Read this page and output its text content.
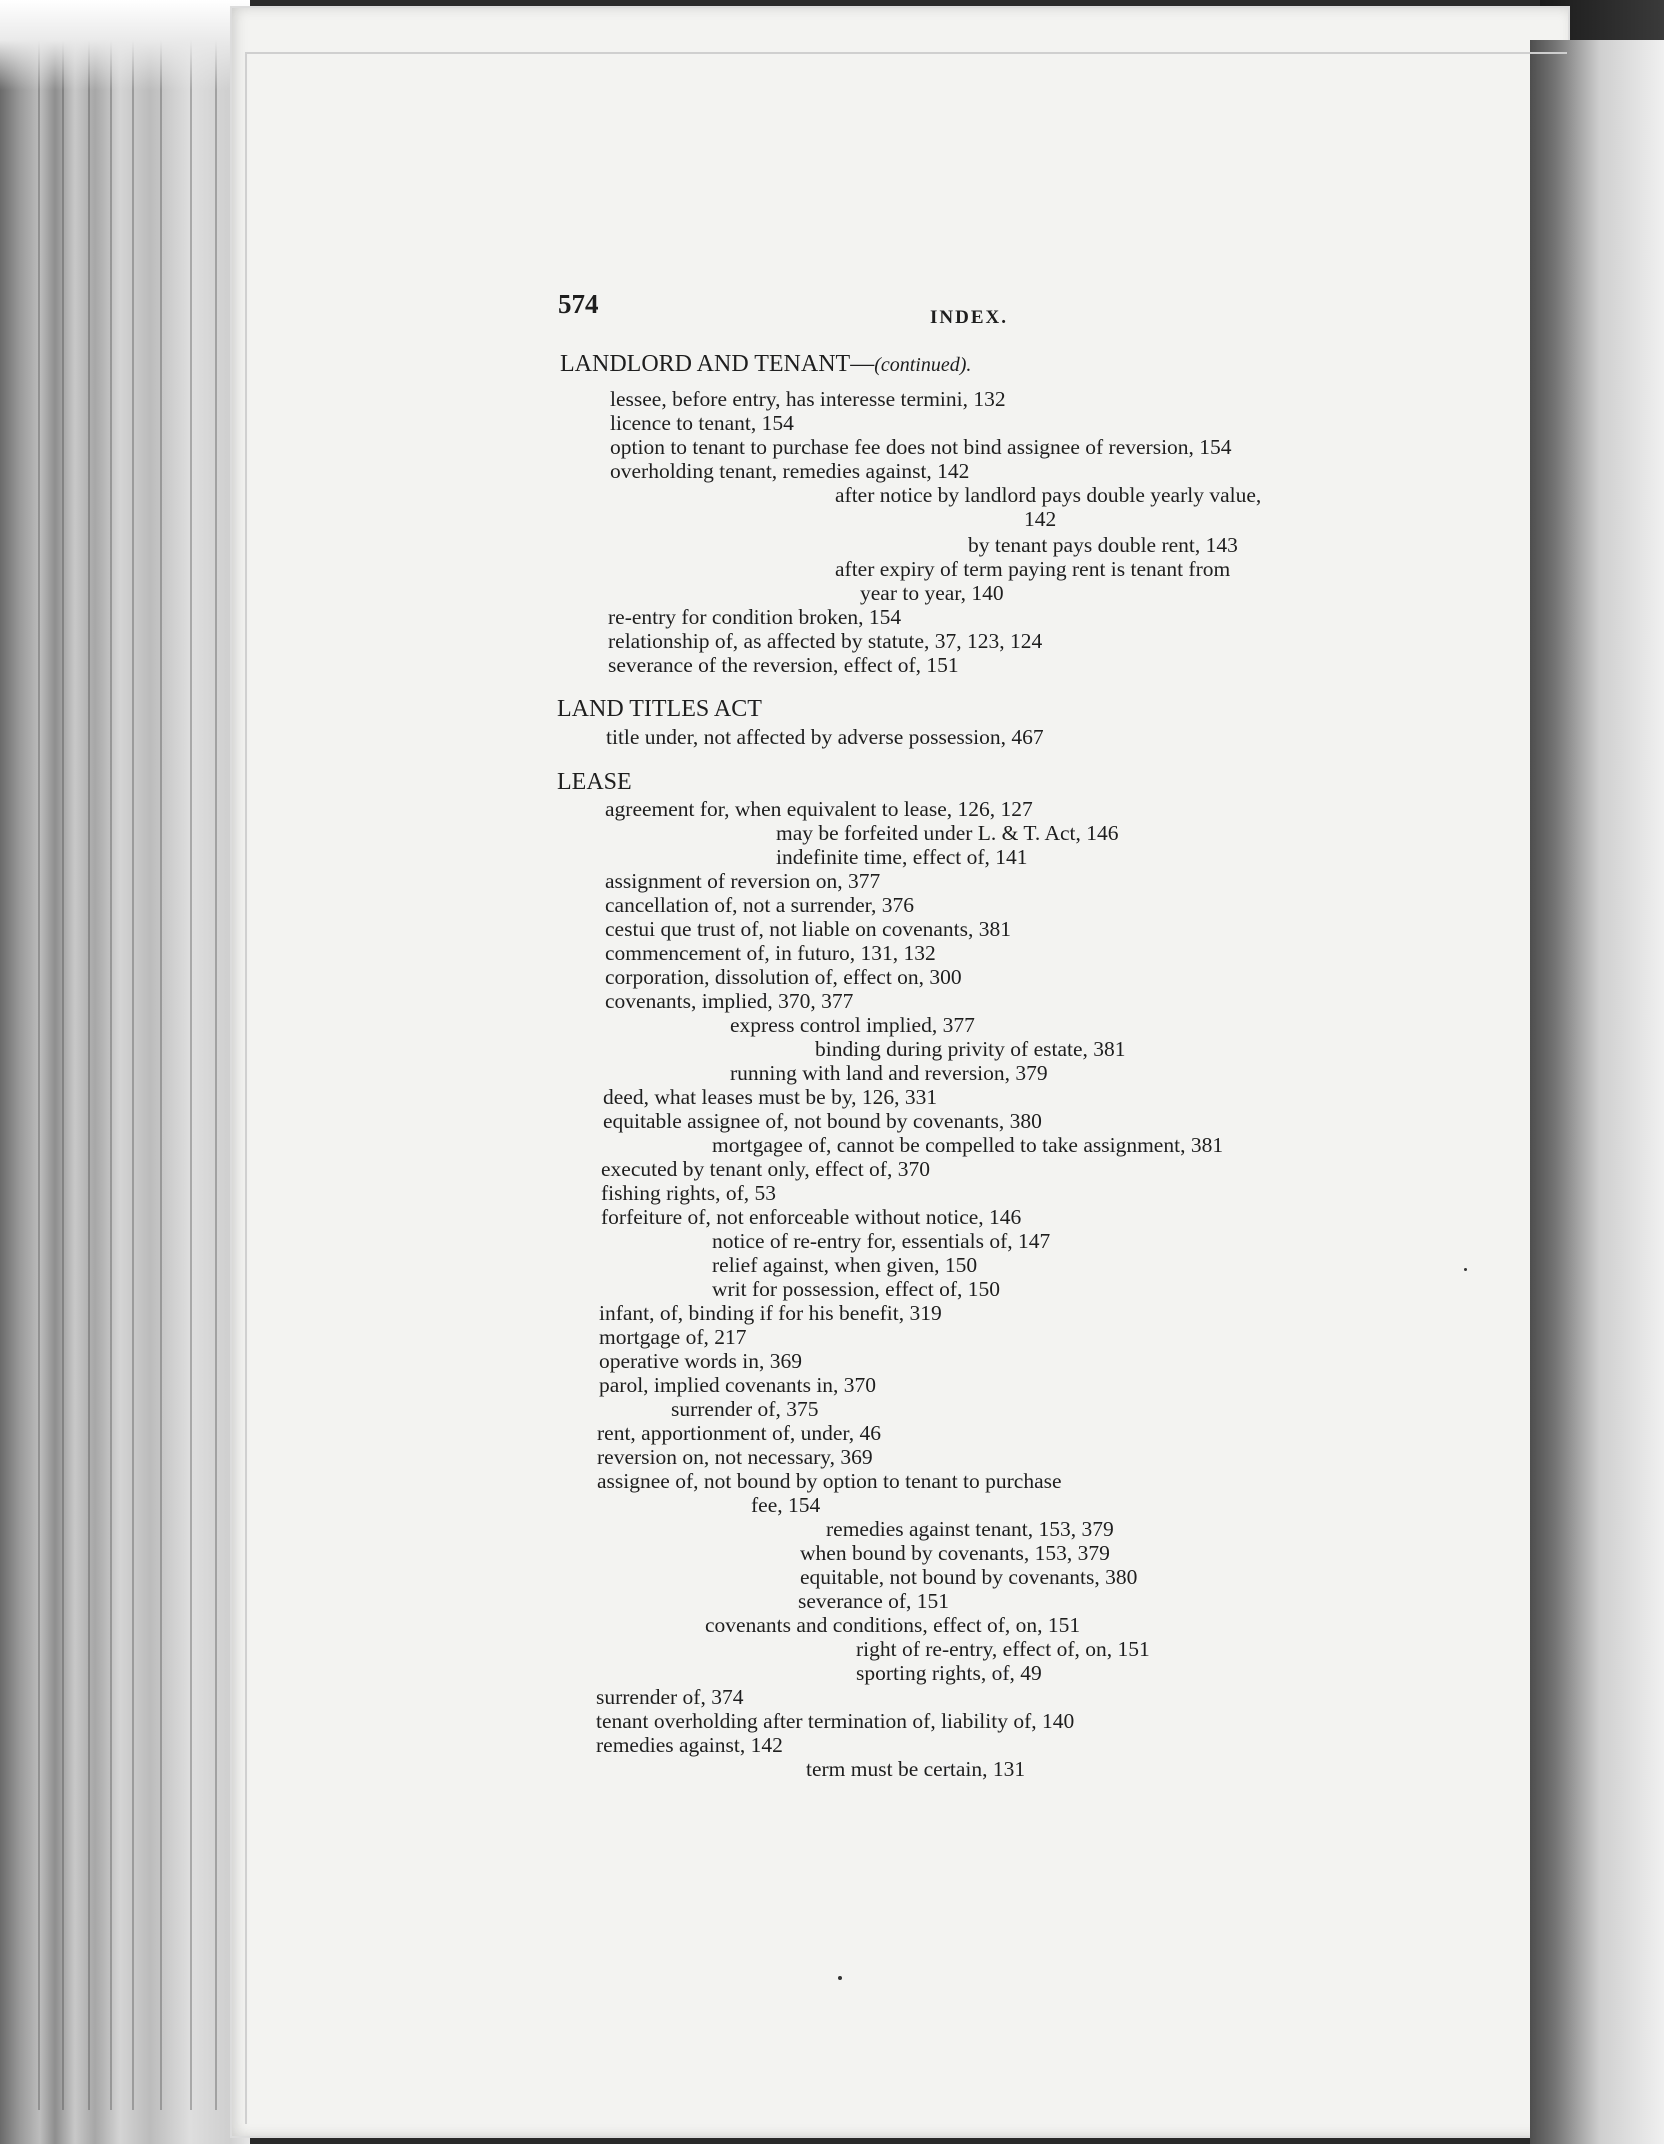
574	INDEX.
LANDLORD AND TENANT—(continued).
lessee, before entry, has interesse termini, 132
licence to tenant, 154
option to tenant to purchase fee does not bind assignee of reversion, 154
overholding tenant, remedies against, 142
after notice by landlord pays double yearly value,
142
by tenant pays double rent, 143
after expiry of term paying rent is tenant from
year to year, 140
re-entry for condition broken, 154
relationship of, as affected by statute, 37, 123, 124
severance of the reversion, effect of, 151
LAND TITLES ACT
title under, not affected by adverse possession, 467
LEASE
agreement for, when equivalent to lease, 126, 127
may be forfeited under L. & T. Act, 146
indefinite time, effect of, 141
assignment of reversion on, 377
cancellation of, not a surrender, 376
cestui que trust of, not liable on covenants, 381
commencement of, in futuro, 131, 132
corporation, dissolution of, effect on, 300
covenants, implied, 370, 377
express control implied, 377
binding during privity of estate, 381
running with land and reversion, 379
deed, what leases must be by, 126, 331
equitable assignee of, not bound by covenants, 380
mortgagee of, cannot be compelled to take assignment, 381
executed by tenant only, effect of, 370
fishing rights, of, 53
forfeiture of, not enforceable without notice, 146
notice of re-entry for, essentials of, 147
relief against, when given, 150
writ for possession, effect of, 150
infant, of, binding if for his benefit, 319
mortgage of, 217
operative words in, 369
parol, implied covenants in, 370
surrender of, 375
rent, apportionment of, under, 46
reversion on, not necessary, 369
assignee of, not bound by option to tenant to purchase
fee, 154
remedies against tenant, 153, 379
when bound by covenants, 153, 379
equitable, not bound by covenants, 380
severance of, 151
covenants and conditions, effect of, on, 151
right of re-entry, effect of, on, 151
sporting rights, of, 49
surrender of, 374
tenant overholding after termination of, liability of, 140
remedies against, 142
term must be certain, 131
